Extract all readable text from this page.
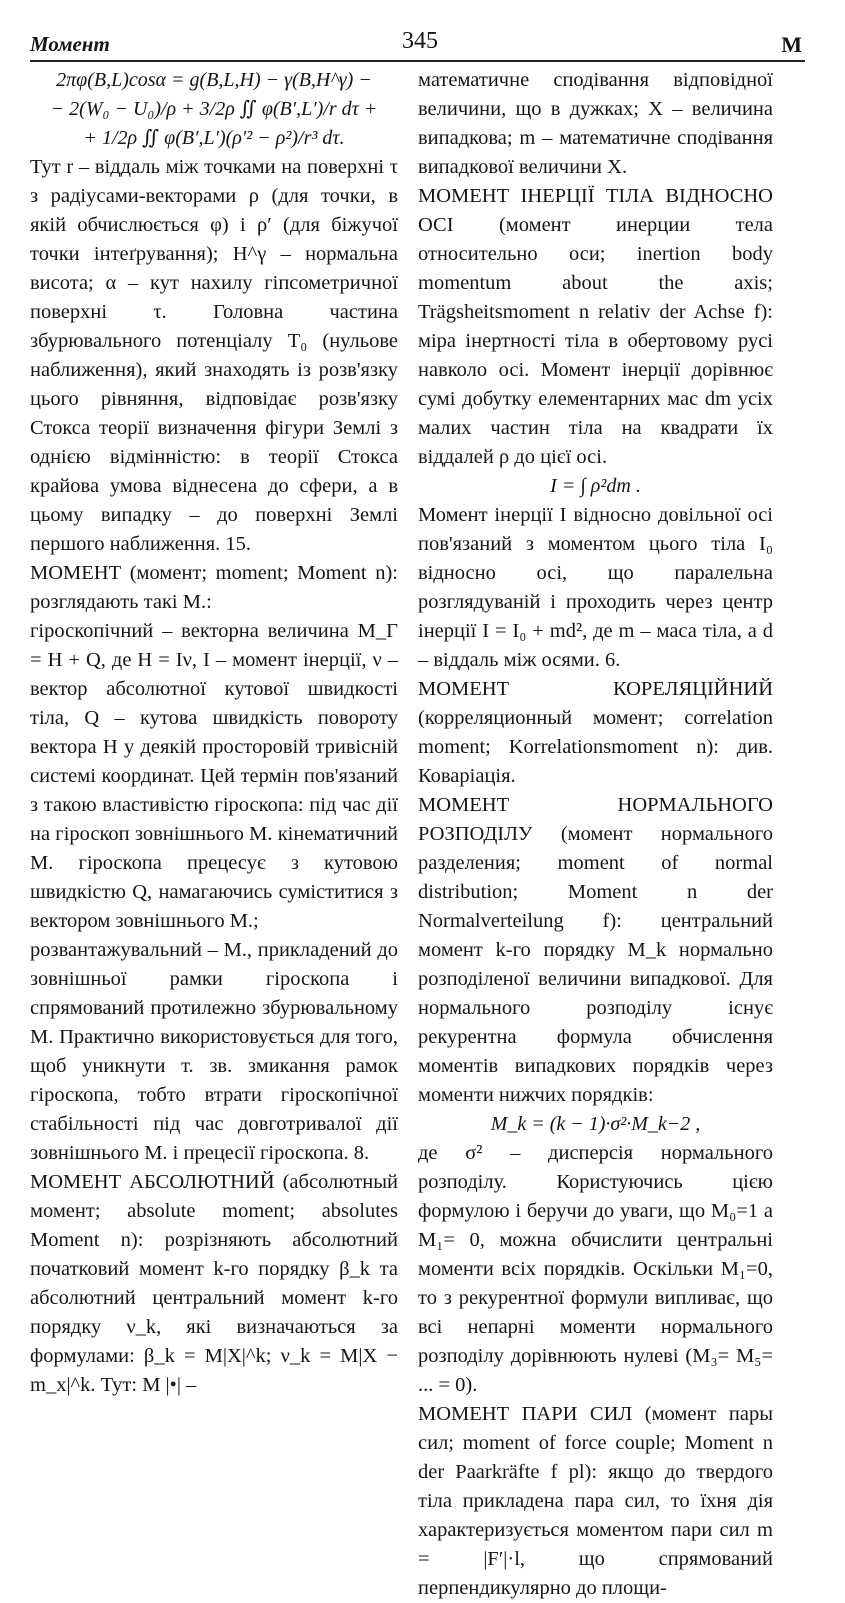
Момент	345	М

2πφ(B,L)cosα = g(B,L,H) − γ(B,H^γ) −

− 2(W₀ − U₀)/ρ + 3/2ρ ∬ φ(B′,L′)/r dτ +

+ 1/2ρ ∬ φ(B′,L′)(ρ′² − ρ²)/r³ dτ.

Тут r – віддаль між точками на поверхні τ з радіусами-векторами ρ (для точки, в якій обчислюється φ) і ρ′ (для біжучої точки інтеґрування); H^γ – нормальна висота; α – кут нахилу гіпсометричної поверхні τ. Головна частина збурювального потенціалу T₀ (нульове наближення), який знаходять із розв'язку цього рівняння, відповідає розв'язку Стокса теорії визначення фігури Землі з однією відмінністю: в теорії Стокса крайова умова віднесена до сфери, а в цьому випадку – до поверхні Землі першого наближення. 15.

МОМЕНТ (момент; moment; Moment n): розглядають такі М.:

гіроскопічний – векторна величина M_Г = H + Q, де H = Iν, I – момент інерції, ν – вектор абсолютної кутової швидкості тіла, Q – кутова швидкість повороту вектора H у деякій просторовій тривісній системі координат. Цей термін пов'язаний з такою властивістю гіроскопа: під час дії на гіроскоп зовнішнього М. кінематичний М. гіроскопа прецесує з кутовою швидкістю Q, намагаючись суміститися з вектором зовнішнього М.;

розвантажувальний – М., прикладений до зовнішньої рамки гіроскопа і спрямований протилежно збурювальному М. Практично використовується для того, щоб уникнути т. зв. змикання рамок гіроскопа, тобто втрати гіроскопічної стабільності під час довготривалої дії зовнішнього М. і прецесії гіроскопа. 8.

МОМЕНТ АБСОЛЮТНИЙ (абсолютный момент; absolute moment; absolutes Moment n): розрізняють абсолютний початковий момент k-го порядку β_k та абсолютний центральний момент k-го порядку ν_k, які визначаються за формулами: β_k = M|X|^k; ν_k = M|X − m_x|^k. Тут: M |•| –

математичне сподівання відповідної величини, що в дужках; X – величина випадкова; m – математичне сподівання випадкової величини X.

МОМЕНТ ІНЕРЦІЇ ТІЛА ВІДНОСНО ОСІ (момент инерции тела относительно оси; inertion body momentum about the axis; Trägsheitsmoment n relativ der Achse f): міра інертності тіла в обертовому русі навколо осі. Момент інерції дорівнює сумі добутку елементарних мас dm усіх малих частин тіла на квадрати їх віддалей ρ до цієї осі.

I = ∫ ρ²dm .

Момент інерції I відносно довільної осі пов'язаний з моментом цього тіла I₀ відносно осі, що паралельна розглядуваній і проходить через центр інерції I = I₀ + md², де m – маса тіла, а d – віддаль між осями. 6.

МОМЕНТ КОРЕЛЯЦІЙНИЙ (корреляционный момент; correlation moment; Korrelationsmoment n): див. Коваріація.

МОМЕНТ НОРМАЛЬНОГО РОЗПОДІЛУ (момент нормального разделения; moment of normal distribution; Moment n der Normalverteilung f): центральний момент k-го порядку M_k нормально розподіленої величини випадкової. Для нормального розподілу існує рекурентна формула обчислення моментів випадкових порядків через моменти нижчих порядків:

M_k = (k − 1)·σ²·M_k−2 ,

де σ² – дисперсія нормального розподілу. Користуючись цією формулою і беручи до уваги, що M₀=1 а M₁= 0, можна обчислити центральні моменти всіх порядків. Оскільки M₁=0, то з рекурентної формули випливає, що всі непарні моменти нормального розподілу дорівнюють нулеві (M₃= M₅= ... = 0).

МОМЕНТ ПАРИ СИЛ (момент пары сил; moment of force couple; Moment n der Paarkräfte f pl): якщо до твердого тіла прикладена пара сил, то їхня дія характеризується моментом пари сил m = |F′|·l, що спрямований перпендикулярно до площи-
